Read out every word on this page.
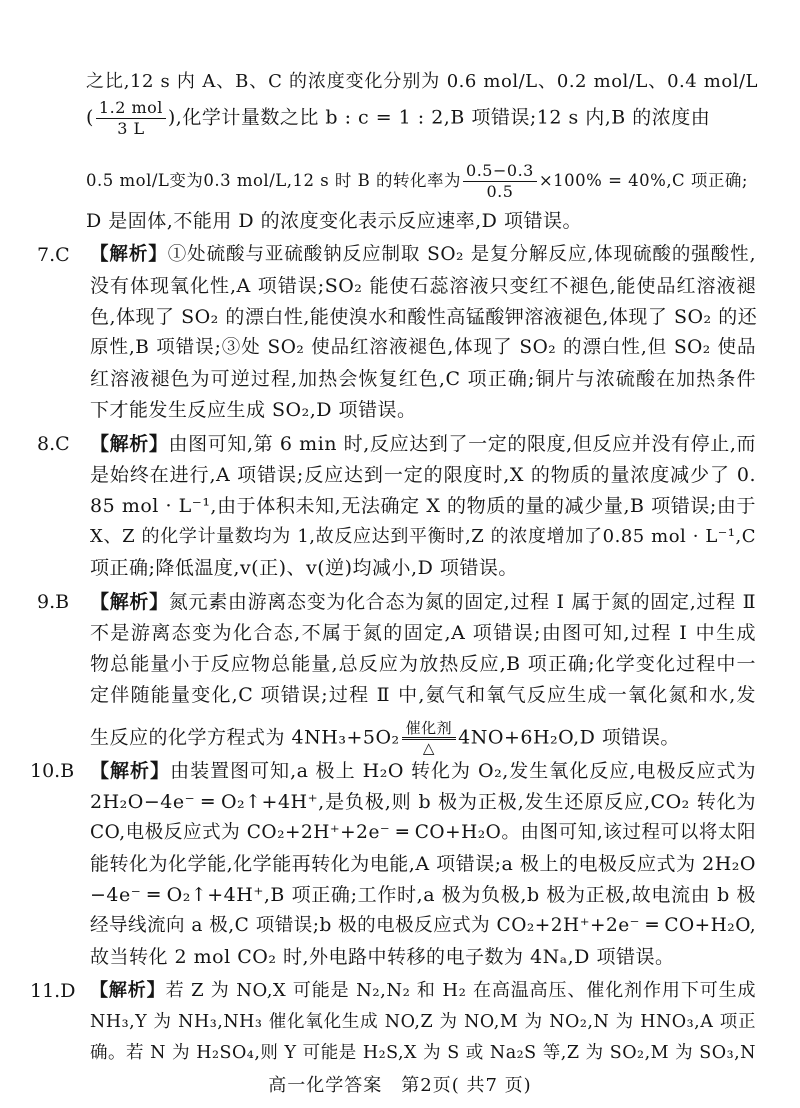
之比,12 s 内 A、B、C 的浓度变化分别为 0.6 mol/L、0.2 mol/L、0.4 mol/L
( $\frac{\text{1.2 mol}}{3 L}$ ),化学计量数之比 b : c = 1 : 2,B 项错误;12 s 内,B 的浓度由
0.5 mol/L变为0.3 mol/L,12 s 时 B 的转化率为 $\frac{0.5-0.3}{0.5} \times 100\% = 40\%,C$ 项正确;
D 是固体,不能用 D 的浓度变化表示反应速率,D 项错误。
7.C 【解析】①处硫酸与亚硫酸钠反应制取 SO₂ 是复分解反应,体现硫酸的强酸性,
没有体现氧化性,A 项错误;SO₂ 能使石蕊溶液只变红不褪色,能使品红溶液褪
色,体现了 SO₂ 的漂白性,能使溴水和酸性高锰酸钾溶液褪色,体现了 SO₂ 的还
原性,B 项错误;③处 SO₂ 使品红溶液褪色,体现了 SO₂ 的漂白性,但 SO₂ 使品
红溶液褪色为可逆过程,加热会恢复红色,C 项正确;铜片与浓硫酸在加热条件
下才能发生反应生成 SO₂,D 项错误。
8.C 【解析】由图可知,第 6 min 时,反应达到了一定的限度,但反应并没有停止,而
是始终在进行,A 项错误;反应达到一定的限度时,X 的物质的量浓度减少了 0.
85 mol · L⁻¹,由于体积未知,无法确定 X 的物质的量的减少量,B 项错误;由于
X、Z 的化学计量数均为 1,故反应达到平衡时,Z 的浓度增加了0.85 mol · L⁻¹,C
项正确;降低温度,v(正)、v(逆)均减小,D 项错误。
9.B 【解析】氮元素由游离态变为化合态为氮的固定,过程 Ⅰ 属于氮的固定,过程 Ⅱ
不是游离态变为化合态,不属于氮的固定,A 项错误;由图可知,过程 Ⅰ 中生成
物总能量小于反应物总能量,总反应为放热反应,B 项正确;化学变化过程中一
定伴随能量变化,C 项错误;过程 Ⅱ 中,氨气和氧气反应生成一氧化氮和水,发
生反应的化学方程式为 4NH₃+5O₂ 催化剂
△	4NO+6H₂O,D 项错误。
10.B 【解析】由装置图可知,a 极上 H₂O 转化为 O₂,发生氧化反应,电极反应式为
2H₂O−4e⁻ ═ O₂↑+4H⁺,是负极,则 b 极为正极,发生还原反应,CO₂ 转化为
CO,电极反应式为 CO₂+2H⁺+2e⁻ ═ CO+H₂O。由图可知,该过程可以将太阳
能转化为化学能,化学能再转化为电能,A 项错误;a 极上的电极反应式为 2H₂O
−4e⁻ ═ O₂↑+4H⁺,B 项正确;工作时,a 极为负极,b 极为正极,故电流由 b 极
经导线流向 a 极,C 项错误;b 极的电极反应式为 CO₂+2H⁺+2e⁻ ═ CO+H₂O,
故当转化 2 mol CO₂ 时,外电路中转移的电子数为 4Nₐ,D 项错误。
11.D 【解析】若 Z 为 NO,X 可能是 N₂,N₂ 和 H₂ 在高温高压、催化剂作用下可生成
NH₃,Y 为 NH₃,NH₃ 催化氧化生成 NO,Z 为 NO,M 为 NO₂,N 为 HNO₃,A 项正
确。若 N 为 H₂SO₄,则 Y 可能是 H₂S,X 为 S 或 Na₂S 等,Z 为 SO₂,M 为 SO₃,N
高一化学答案　第2页( 共7 页)
